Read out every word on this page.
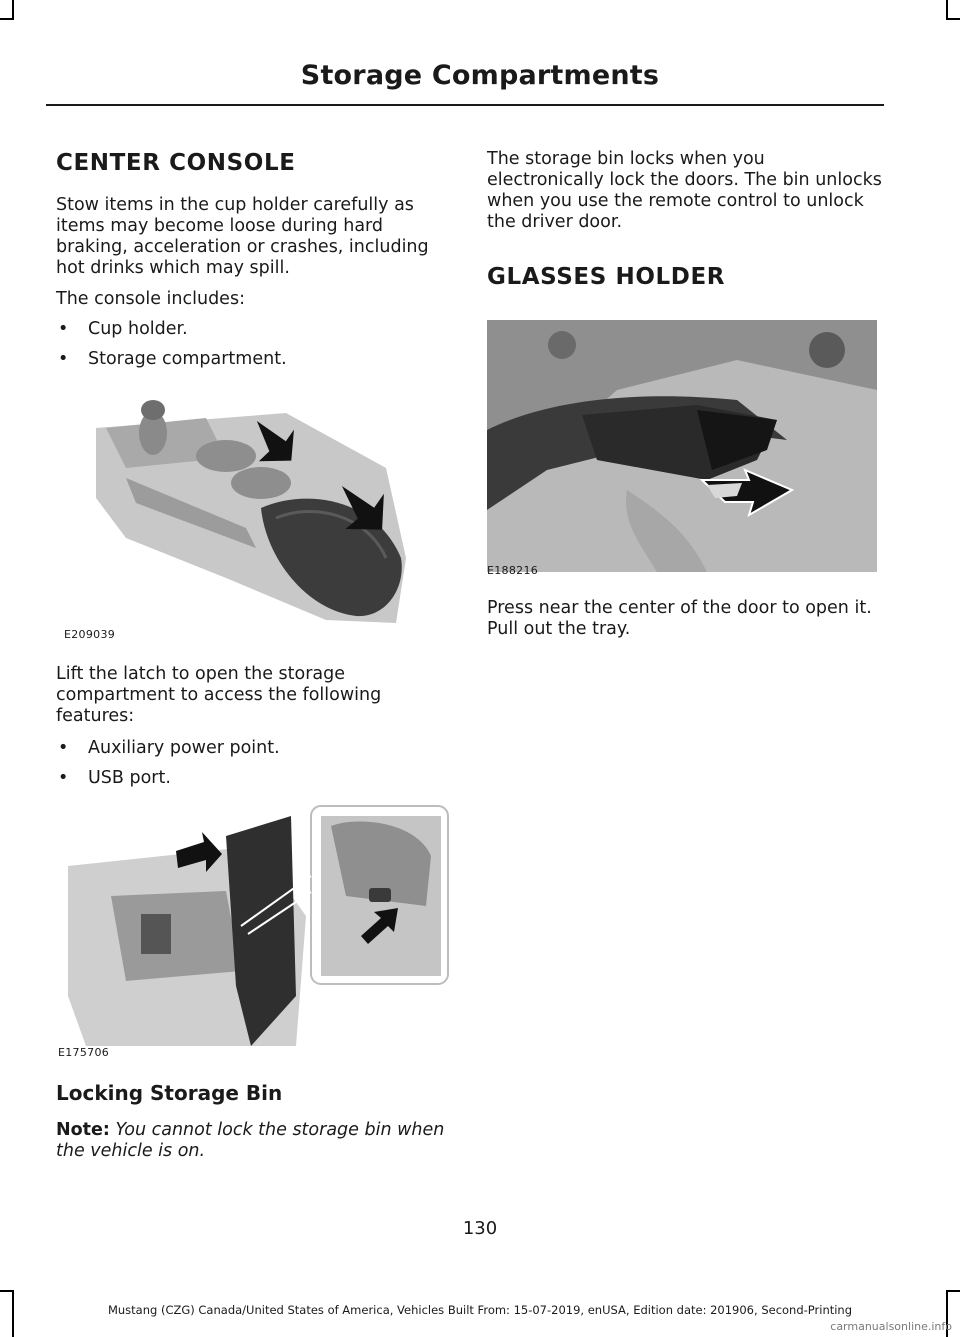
Storage Compartments
CENTER CONSOLE

Stow items in the cup holder carefully as items may become loose during hard braking, acceleration or crashes, including hot drinks which may spill.

The console includes:

• Cup holder.
• Storage compartment.
E209039

Lift the latch to open the storage compartment to access the following features:

• Auxiliary power point.
• USB port.
E175706
Locking Storage Bin

Note: You cannot lock the storage bin when the vehicle is on.

The storage bin locks when you electronically lock the doors. The bin unlocks when you use the remote control to unlock the driver door.

GLASSES HOLDER
E188216

Press near the center of the door to open it. Pull out the tray.

130
Mustang (CZG) Canada/United States of America, Vehicles Built From: 15-07-2019, enUSA, Edition date: 201906, Second-Printing
carmanualsonline.info
